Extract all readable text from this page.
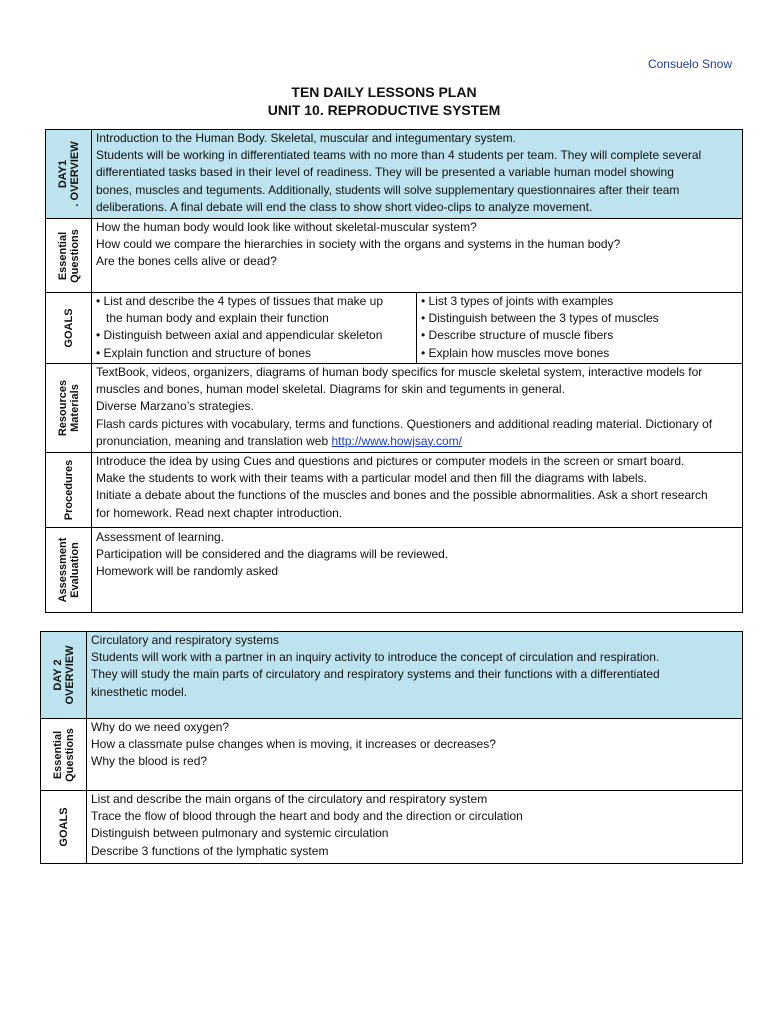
Consuelo Snow
TEN DAILY LESSONS PLAN
UNIT 10. REPRODUCTIVE SYSTEM
DAY1
. OVERVIEW	Introduction to the Human Body. Skeletal, muscular and integumentary system.
Students will be working in differentiated teams with no more than 4 students per team. They will complete several
differentiated tasks based in their level of readiness. They will be presented a variable human model showing
bones, muscles and teguments. Additionally, students will solve supplementary questionnaires after their team
deliberations. A final debate will end the class to show short video-clips to analyze movement.	

Essential
Questions	How the human body would look like without skeletal-muscular system?
How could we compare the hierarchies in society with the organs and systems in the human body?
Are the bones cells alive or dead?	

GOALS	• List and describe the 4 types of tissues that make up
the human body and explain their function
• Distinguish between axial and appendicular skeleton
• Explain function and structure of bones	• List 3 types of joints with examples
• Distinguish between the 3 types of muscles
• Describe structure of muscle fibers
• Explain how muscles move bones

Resources
Materials	TextBook, videos, organizers, diagrams of human body specifics for muscle skeletal system, interactive models for
muscles and bones, human model skeletal. Diagrams for skin and teguments in general.
Diverse Marzano’s strategies.
Flash cards pictures with vocabulary, terms and functions. Questioners and additional reading material. Dictionary of
pronunciation, meaning and translation web http://www.howjsay.com/	

Procedures	Introduce the idea by using Cues and questions and pictures or computer models in the screen or smart board.
Make the students to work with their teams with a particular model and then fill the diagrams with labels.
Initiate a debate about the functions of the muscles and bones and the possible abnormalities. Ask a short research
for homework. Read next chapter introduction.	

Assessment
Evaluation	Assessment of learning.
Participation will be considered and the diagrams will be reviewed.
Homework will be randomly asked	
DAY 2
OVERVIEW	Circulatory and respiratory systems
Students will work with a partner in an inquiry activity to introduce the concept of circulation and respiration.
They will study the main parts of circulatory and respiratory systems and their functions with a differentiated
kinesthetic model.

Essential
Questions	Why do we need oxygen?
How a classmate pulse changes when is moving, it increases or decreases?
Why the blood is red?

GOALS	List and describe the main organs of the circulatory and respiratory system
Trace the flow of blood through the heart and body and the direction or circulation
Distinguish between pulmonary and systemic circulation
Describe 3 functions of the lymphatic system
